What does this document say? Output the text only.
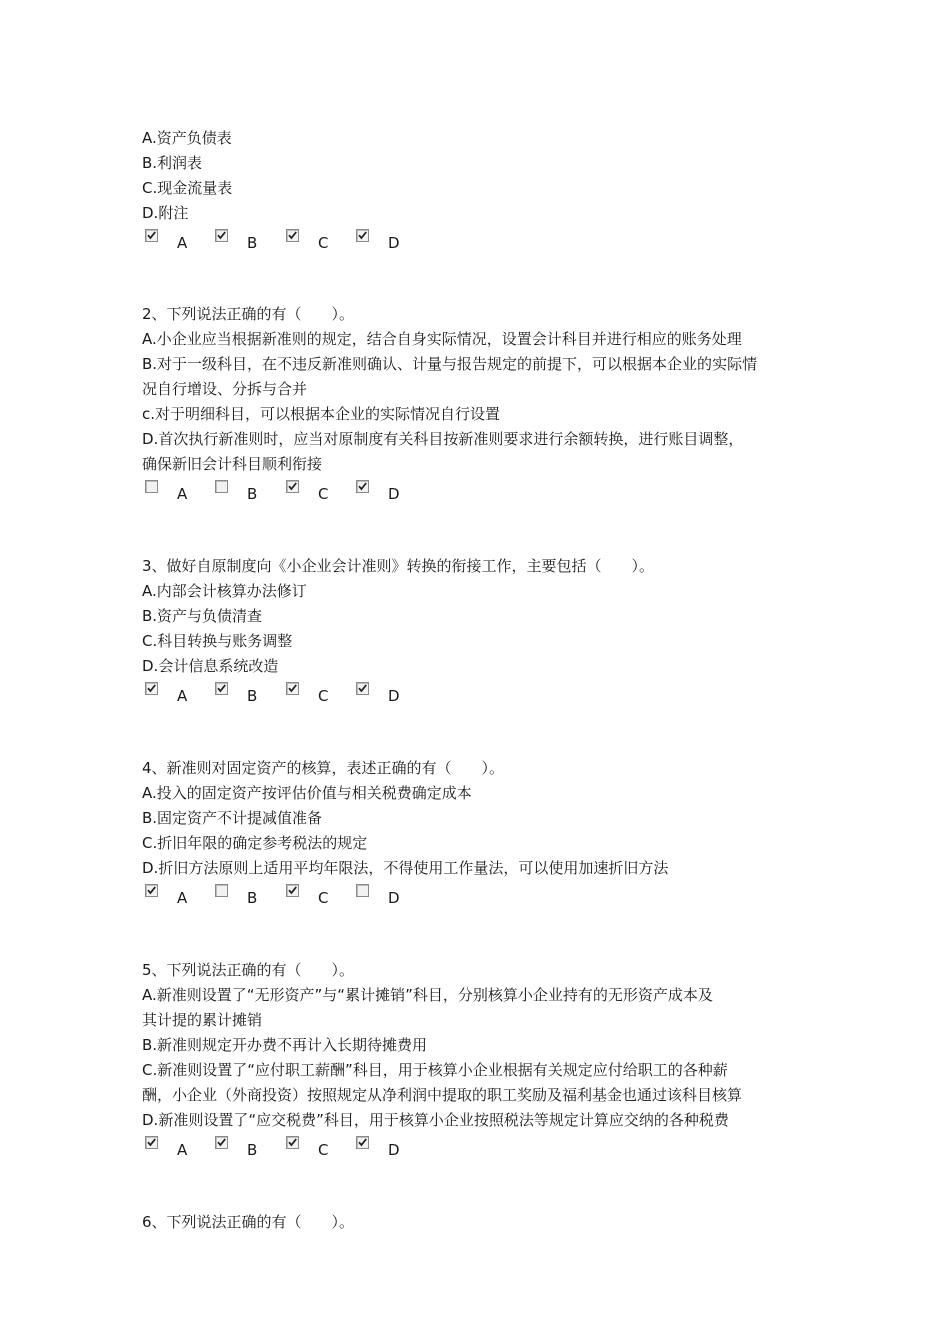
A.资产负债表
B.利润表
C.现金流量表
D.附注
A	B	C	D
2、下列说法正确的有（　　）。
A.小企业应当根据新准则的规定，结合自身实际情况，设置会计科目并进行相应的账务处理
B.对于一级科目，在不违反新准则确认、计量与报告规定的前提下，可以根据本企业的实际情
况自行增设、分拆与合并
c.对于明细科目，可以根据本企业的实际情况自行设置
D.首次执行新准则时，应当对原制度有关科目按新准则要求进行余额转换，进行账目调整，
确保新旧会计科目顺利衔接
A	B	C	D
3、做好自原制度向《小企业会计准则》转换的衔接工作，主要包括（　　）。
A.内部会计核算办法修订
B.资产与负债清查
C.科目转换与账务调整
D.会计信息系统改造
A	B	C	D
4、新准则对固定资产的核算，表述正确的有（　　）。
A.投入的固定资产按评估价值与相关税费确定成本
B.固定资产不计提减值准备
C.折旧年限的确定参考税法的规定
D.折旧方法原则上适用平均年限法，不得使用工作量法，可以使用加速折旧方法
A	B	C	D
5、下列说法正确的有（　　）。
A.新准则设置了“无形资产”与“累计摊销”科目，分别核算小企业持有的无形资产成本及
其计提的累计摊销
B.新准则规定开办费不再计入长期待摊费用
C.新准则设置了“应付职工薪酬”科目，用于核算小企业根据有关规定应付给职工的各种薪
酬，小企业（外商投资）按照规定从净利润中提取的职工奖励及福利基金也通过该科目核算
D.新准则设置了“应交税费”科目，用于核算小企业按照税法等规定计算应交纳的各种税费
A	B	C	D
6、下列说法正确的有（　　）。
